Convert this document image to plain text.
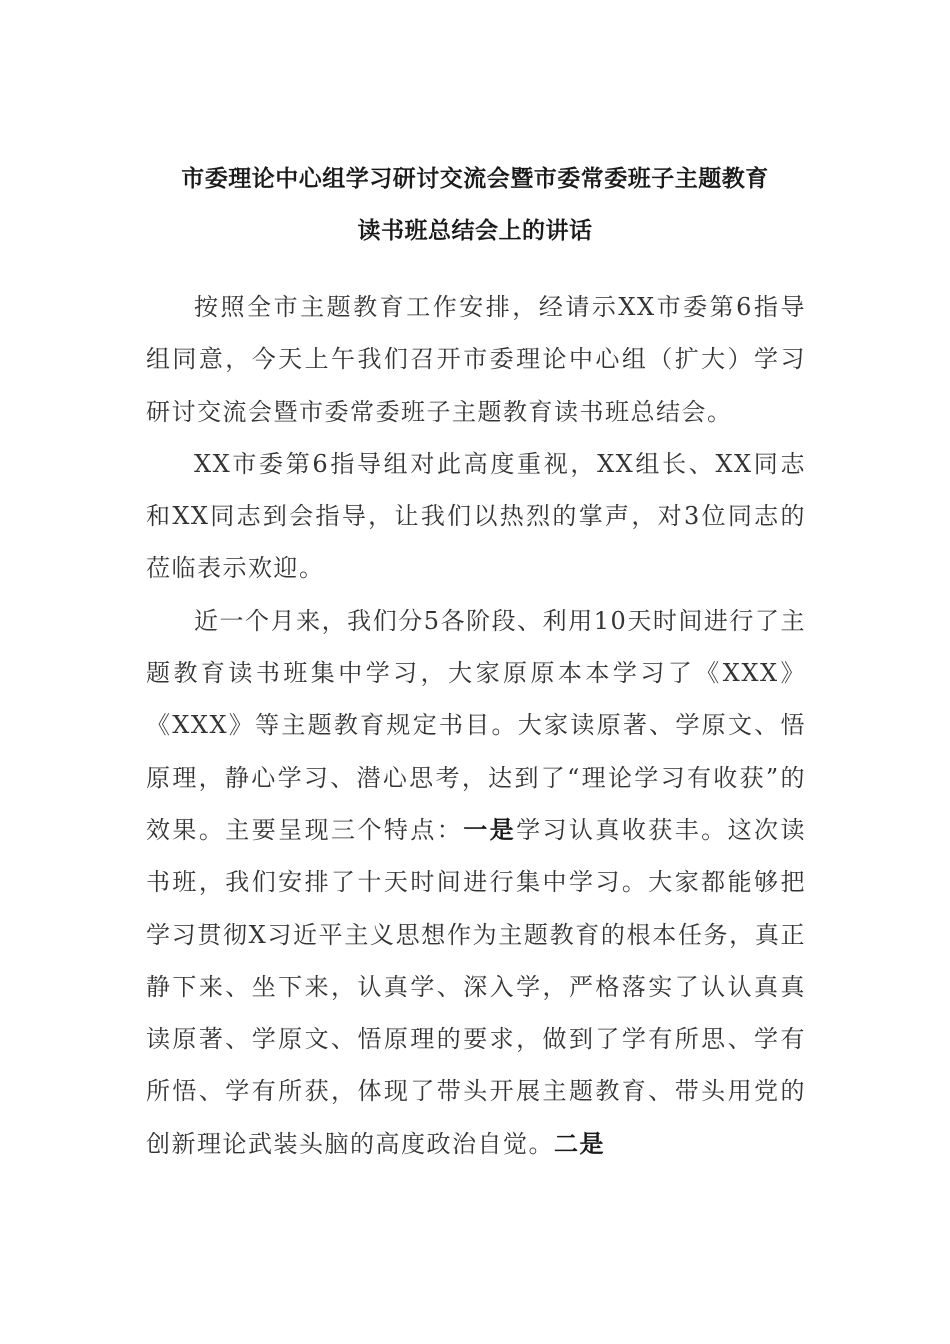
市委理论中心组学习研讨交流会暨市委常委班子主题教育
读书班总结会上的讲话

按照全市主题教育工作安排，经请示XX市委第6指导组同意，今天上午我们召开市委理论中心组（扩大）学习研讨交流会暨市委常委班子主题教育读书班总结会。

XX市委第6指导组对此高度重视，XX组长、XX同志和XX同志到会指导，让我们以热烈的掌声，对3位同志的莅临表示欢迎。

近一个月来，我们分5各阶段、利用10天时间进行了主题教育读书班集中学习，大家原原本本学习了《XXX》《XXX》等主题教育规定书目。大家读原著、学原文、悟原理，静心学习、潜心思考，达到了“理论学习有收获”的效果。主要呈现三个特点：一是学习认真收获丰。这次读书班，我们安排了十天时间进行集中学习。大家都能够把学习贯彻X习近平主义思想作为主题教育的根本任务，真正静下来、坐下来，认真学、深入学，严格落实了认认真真读原著、学原文、悟原理的要求，做到了学有所思、学有所悟、学有所获，体现了带头开展主题教育、带头用党的创新理论武装头脑的高度政治自觉。二是
